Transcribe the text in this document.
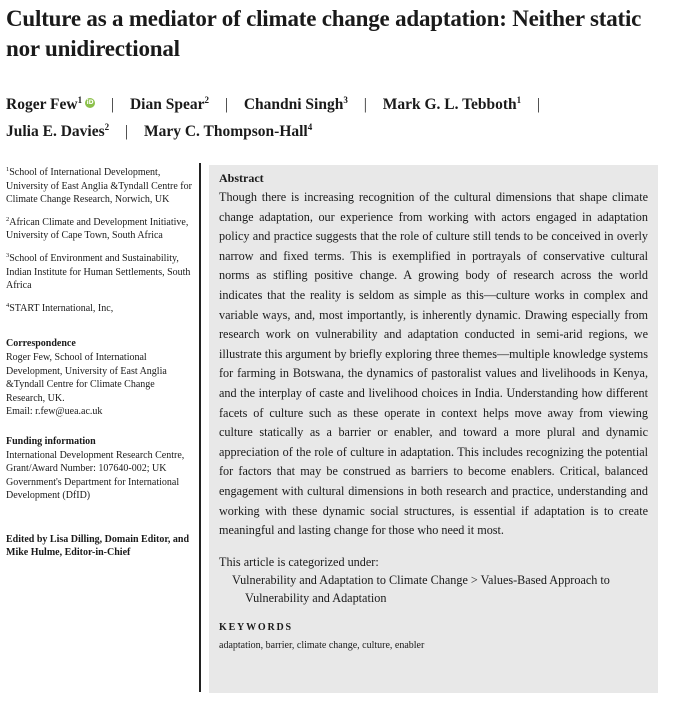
Culture as a mediator of climate change adaptation: Neither static nor unidirectional
Roger Few$^1$ iD | Dian Spear$^2$ | Chandni Singh$^3$ | Mark G. L. Tebboth$^1$ |
Julia E. Davies$^2$ | Mary C. Thompson-Hall$^4$
$^1$School of International Development, University of East Anglia &Tyndall Centre for Climate Change Research, Norwich, UK
$^2$African Climate and Development Initiative, University of Cape Town, South Africa
$^3$School of Environment and Sustainability, Indian Institute for Human Settlements, South Africa
$^4$START International, Inc,
Correspondence
Roger Few, School of International Development, University of East Anglia &Tyndall Centre for Climate Change Research, UK.
Email: r.few@uea.ac.uk
Funding information
International Development Research Centre, Grant/Award Number: 107640-002; UK Government's Department for International Development (DfID)
Edited by Lisa Dilling, Domain Editor, and Mike Hulme, Editor-in-Chief
Abstract

Though there is increasing recognition of the cultural dimensions that shape climate change adaptation, our experience from working with actors engaged in adaptation policy and practice suggests that the role of culture still tends to be conceived in overly narrow and fixed terms. This is exemplified in portrayals of conservative cultural norms as stifling positive change. A growing body of research across the world indicates that the reality is seldom as simple as this—culture works in complex and variable ways, and, most importantly, is inherently dynamic. Drawing especially from research work on vulnerability and adaptation conducted in semi-arid regions, we illustrate this argument by briefly exploring three themes—multiple knowledge systems for farming in Botswana, the dynamics of pastoralist values and livelihoods in Kenya, and the interplay of caste and livelihood choices in India. Understanding how different facets of culture such as these operate in context helps move away from viewing culture statically as a barrier or enabler, and toward a more plural and dynamic appreciation of the role of culture in adaptation. This includes recognizing the potential for factors that may be construed as barriers to become enablers. Critical, balanced engagement with cultural dimensions in both research and practice, understanding and working with these dynamic social structures, is essential if adaptation is to create meaningful and lasting change for those who need it most.

This article is categorized under:
Vulnerability and Adaptation to Climate Change > Values-Based Approach to Vulnerability and Adaptation
KEYWORDS
adaptation, barrier, climate change, culture, enabler
